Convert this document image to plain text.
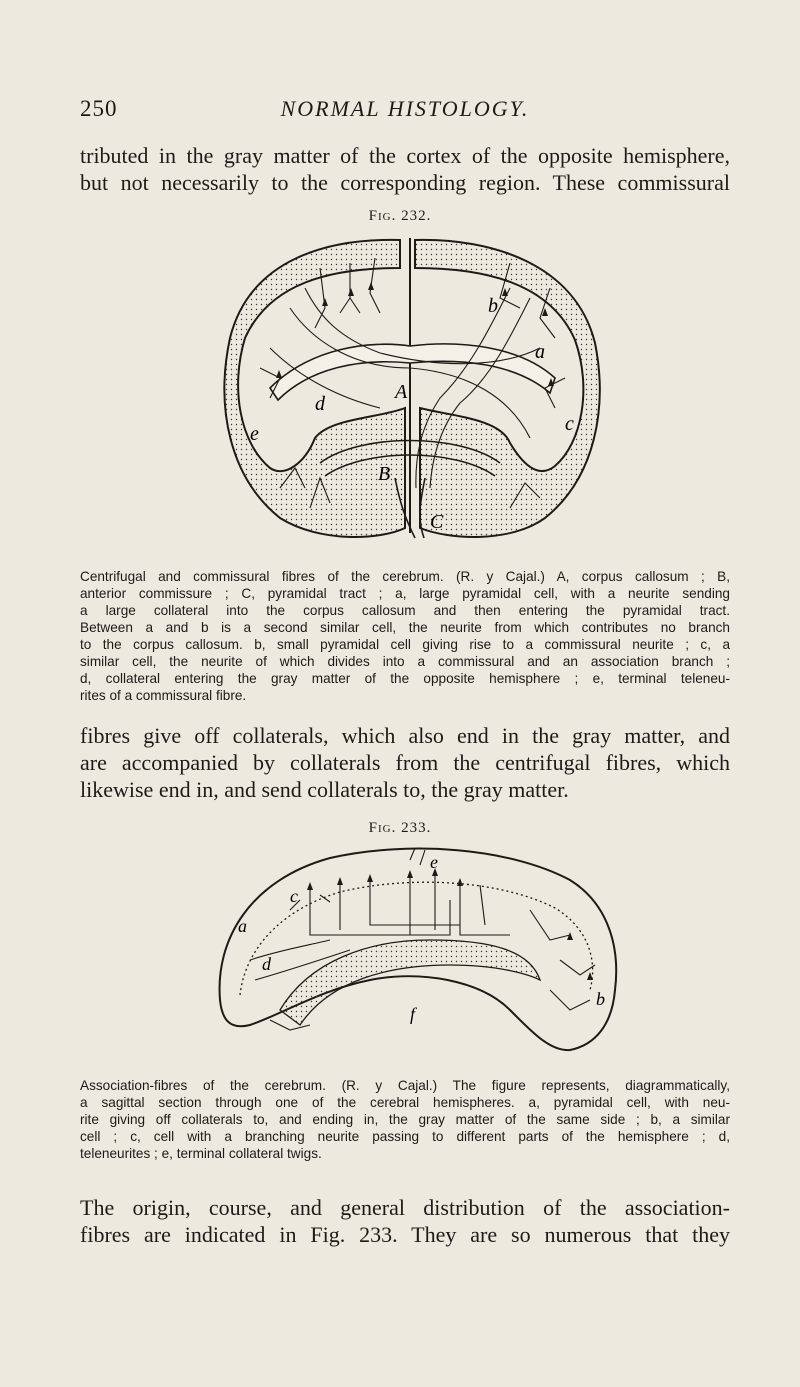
250	NORMAL HISTOLOGY.
tributed in the gray matter of the cortex of the opposite hemisphere,
but not necessarily to the corresponding region. These commissural
Fig. 232.
b
a
d
A
c
e
B
C
Centrifugal and commissural fibres of the cerebrum. (R. y Cajal.) A, corpus callosum ; B,
anterior commissure ; C, pyramidal tract ; a, large pyramidal cell, with a neurite sending
a large collateral into the corpus callosum and then entering the pyramidal tract.
Between a and b is a second similar cell, the neurite from which contributes no branch
to the corpus callosum. b, small pyramidal cell giving rise to a commissural neurite ; c, a
similar cell, the neurite of which divides into a commissural and an association branch ;
d, collateral entering the gray matter of the opposite hemisphere ; e, terminal teleneu-
rites of a commissural fibre.
fibres give off collaterals, which also end in the gray matter, and
are accompanied by collaterals from the centrifugal fibres, which
likewise end in, and send collaterals to, the gray matter.
Fig. 233.
e
c
a
d
f
b
Association-fibres of the cerebrum. (R. y Cajal.) The figure represents, diagrammatically,
a sagittal section through one of the cerebral hemispheres. a, pyramidal cell, with neu-
rite giving off collaterals to, and ending in, the gray matter of the same side ; b, a similar
cell ; c, cell with a branching neurite passing to different parts of the hemisphere ; d,
teleneurites ; e, terminal collateral twigs.
The origin, course, and general distribution of the association-
fibres are indicated in Fig. 233. They are so numerous that they
